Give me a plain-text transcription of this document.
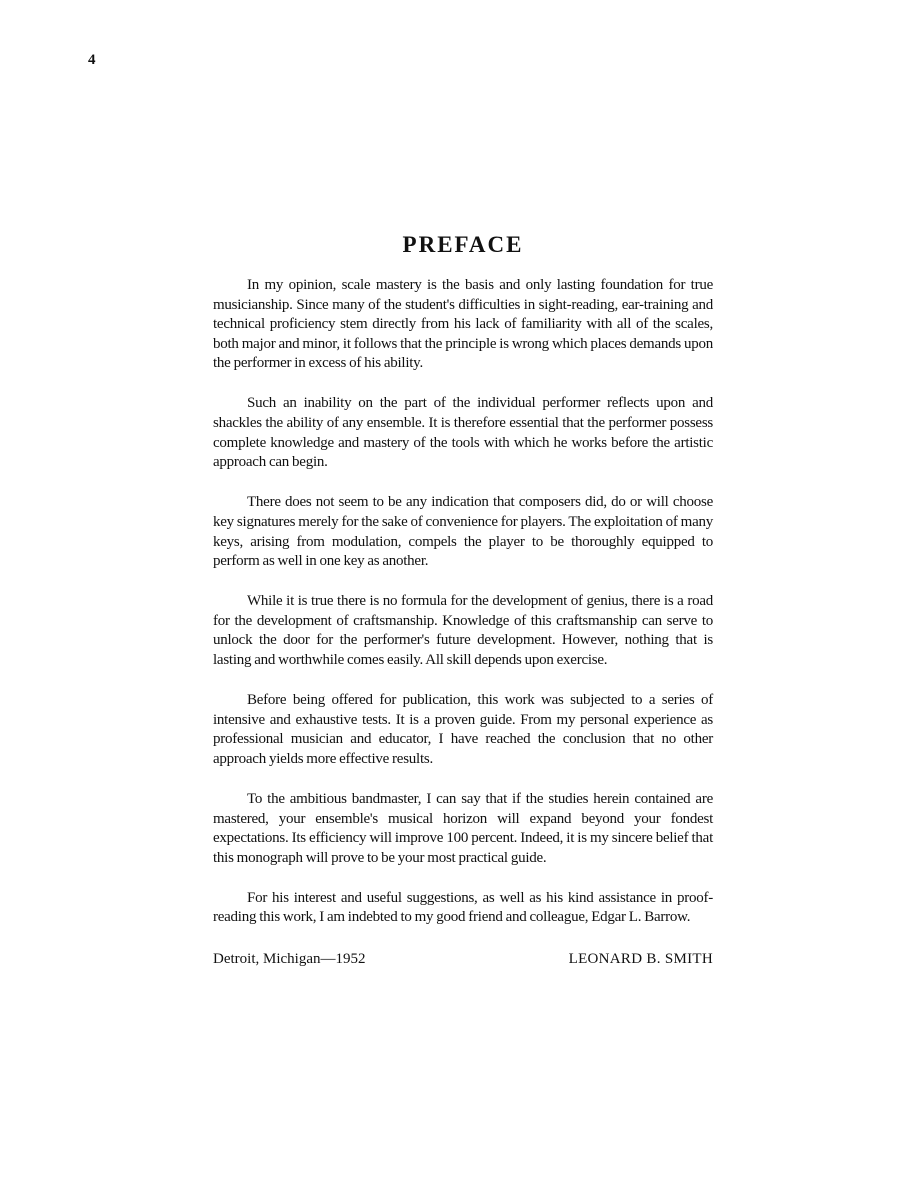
4
PREFACE

In my opinion, scale mastery is the basis and only lasting foundation for true musicianship. Since many of the student's difficulties in sight-reading, ear-training and technical proficiency stem directly from his lack of familiarity with all of the scales, both major and minor, it follows that the principle is wrong which places demands upon the performer in excess of his ability.

Such an inability on the part of the individual performer reflects upon and shackles the ability of any ensemble. It is therefore essential that the performer possess complete knowledge and mastery of the tools with which he works before the artistic approach can begin.

There does not seem to be any indication that composers did, do or will choose key signatures merely for the sake of convenience for players. The exploitation of many keys, arising from modulation, compels the player to be thoroughly equipped to perform as well in one key as another.

While it is true there is no formula for the development of genius, there is a road for the development of craftsmanship. Knowledge of this craftsmanship can serve to unlock the door for the performer's future development. However, nothing that is lasting and worthwhile comes easily. All skill depends upon exercise.

Before being offered for publication, this work was subjected to a series of intensive and exhaustive tests. It is a proven guide. From my personal experience as professional musician and educator, I have reached the conclusion that no other approach yields more effective results.

To the ambitious bandmaster, I can say that if the studies herein contained are mastered, your ensemble's musical horizon will expand beyond your fondest expectations. Its efficiency will improve 100 percent. Indeed, it is my sincere belief that this monograph will prove to be your most practical guide.

For his interest and useful suggestions, as well as his kind assistance in proof-reading this work, I am indebted to my good friend and colleague, Edgar L. Barrow.

Detroit, Michigan—1952	LEONARD B. SMITH
